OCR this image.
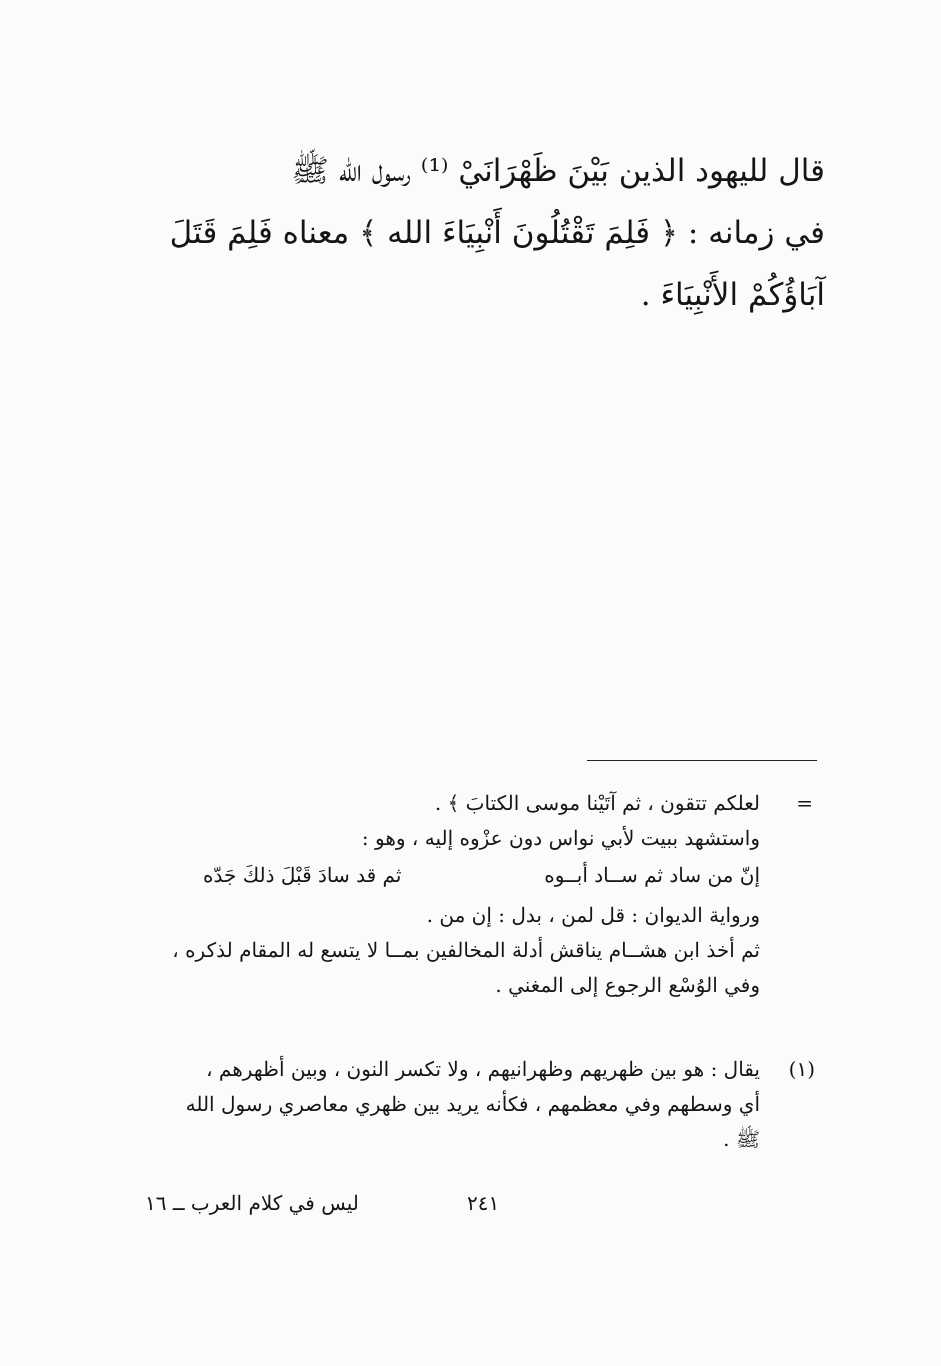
قال لليهود الذين بَيْنَ ظَهْرَانَيْ ⁽¹⁾ رسول الله ﷺ

في زمانه : ﴿ فَلِمَ تَقْتُلُونَ أَنْبِيَاءَ الله ﴾ معناه فَلِمَ قَتَلَ

آبَاؤُكُمْ الأَنْبِيَاءَ .

=
لعلكم تتقون ، ثم آتَيْنا موسى الكتابَ ﴾ .

واستشهد ببيت لأبي نواس دون عزْوه إليه ، وهو :

إنّ من ساد ثم ســاد أبــوه
ثم قد سادَ قَبْلَ ذلكَ جَدّه

ورواية الديوان : قل لمن ، بدل : إن من .

ثم أخذ ابن هشــام يناقش أدلة المخالفين بمــا لا يتسع له المقام لذكره ،

وفي الوُسْع الرجوع إلى المغني .

(١)
يقال : هو بين ظهريهم وظهرانيهم ، ولا تكسر النون ، وبين أظهرهم ،

أي وسطهم وفي معظمهم ، فكأنه يريد بين ظهري معاصري رسول الله

ﷺ .

٢٤١
ليس في كلام العرب ــ ١٦
